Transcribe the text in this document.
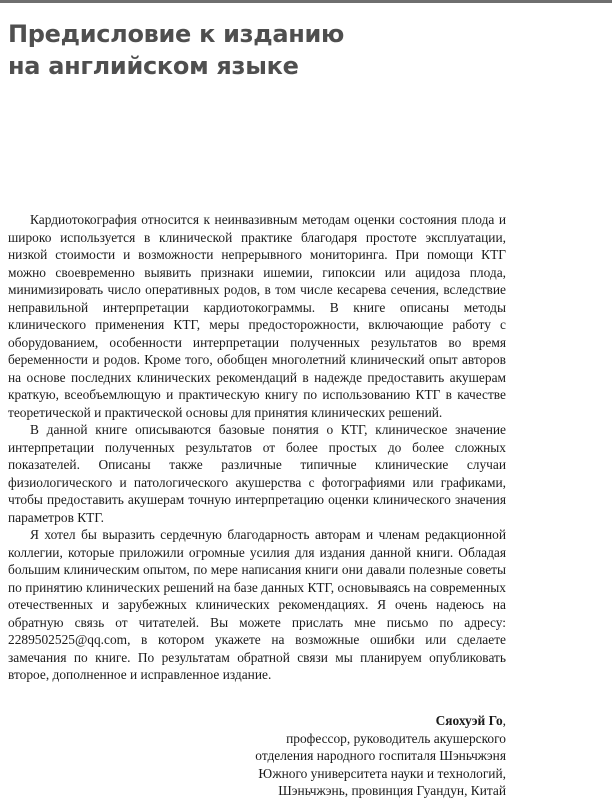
Предисловие к изданию
на английском языке

Кардиотокография относится к неинвазивным методам оценки состояния плода и широко используется в клинической практике благодаря простоте эксплуатации, низкой стоимости и возможности непрерывного мониторинга. При помощи КТГ можно своевременно выявить признаки ишемии, гипоксии или ацидоза плода, минимизировать число оперативных родов, в том числе кесарева сечения, вследствие неправильной интерпретации кардиотокограммы. В книге описаны методы клинического применения КТГ, меры предосторожности, включающие работу с оборудованием, особенности интерпретации полученных результатов во время беременности и родов. Кроме того, обобщен многолетний клинический опыт авторов на основе последних клинических рекомендаций в надежде предоставить акушерам краткую, всеобъемлющую и практическую книгу по использованию КТГ в качестве теоретической и практической основы для принятия клинических решений.

В данной книге описываются базовые понятия о КТГ, клиническое значение интерпретации полученных результатов от более простых до более сложных показателей. Описаны также различные типичные клинические случаи физиологического и патологического акушерства с фотографиями или графиками, чтобы предоставить акушерам точную интерпретацию оценки клинического значения параметров КТГ.

Я хотел бы выразить сердечную благодарность авторам и членам редакционной коллегии, которые приложили огромные усилия для издания данной книги. Обладая большим клиническим опытом, по мере написания книги они давали полезные советы по принятию клинических решений на базе данных КТГ, основываясь на современных отечественных и зарубежных клинических рекомендациях. Я очень надеюсь на обратную связь от читателей. Вы можете прислать мне письмо по адресу: 2289502525@qq.com, в котором укажете на возможные ошибки или сделаете замечания по книге. По результатам обратной связи мы планируем опубликовать второе, дополненное и исправленное издание.

Сяохуэй Го,
профессор, руководитель акушерского
отделения народного госпиталя Шэньчжэня
Южного университета науки и технологий,
Шэньчжэнь, провинция Гуандун, Китай
